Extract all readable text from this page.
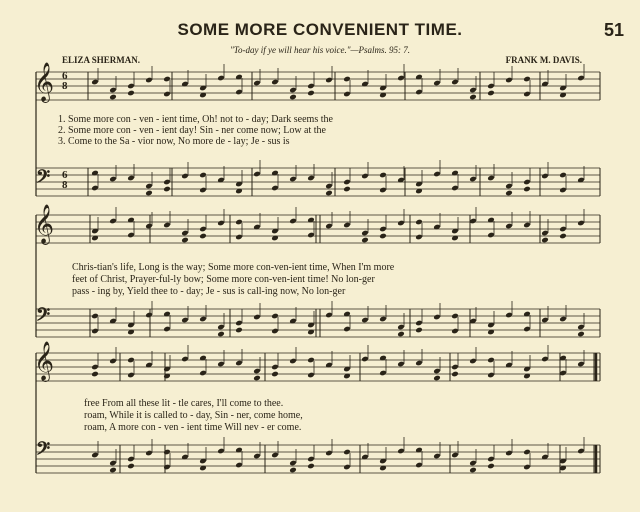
SOME MORE CONVENIENT TIME.	51
"To-day if ye will hear his voice."—Psalms. 95: 7.
ELIZA SHERMAN.	FRANK M. DAVIS.
𝄞
𝄢
𝄞
𝄢
𝄞
𝄢
6
8
6
8
1. Some more con - ven - ient time, Oh! not to - day; Dark seems the
2. Some more con - ven - ient day! Sin - ner come now; Low at the
3. Come to the Sa - vior now, No more de - lay; Je - sus is
Chris-tian's life, Long is the way; Some more con-ven-ient time, When I'm more
feet of Christ, Prayer-ful-ly bow; Some more con-ven-ient time! No lon-ger
pass - ing by, Yield thee to - day; Je - sus is call-ing now, No lon-ger
free From all these lit - tle cares, I'll come to thee.
roam, While it is called to - day, Sin - ner, come home,
roam, A more con - ven - ient time Will nev - er come.
